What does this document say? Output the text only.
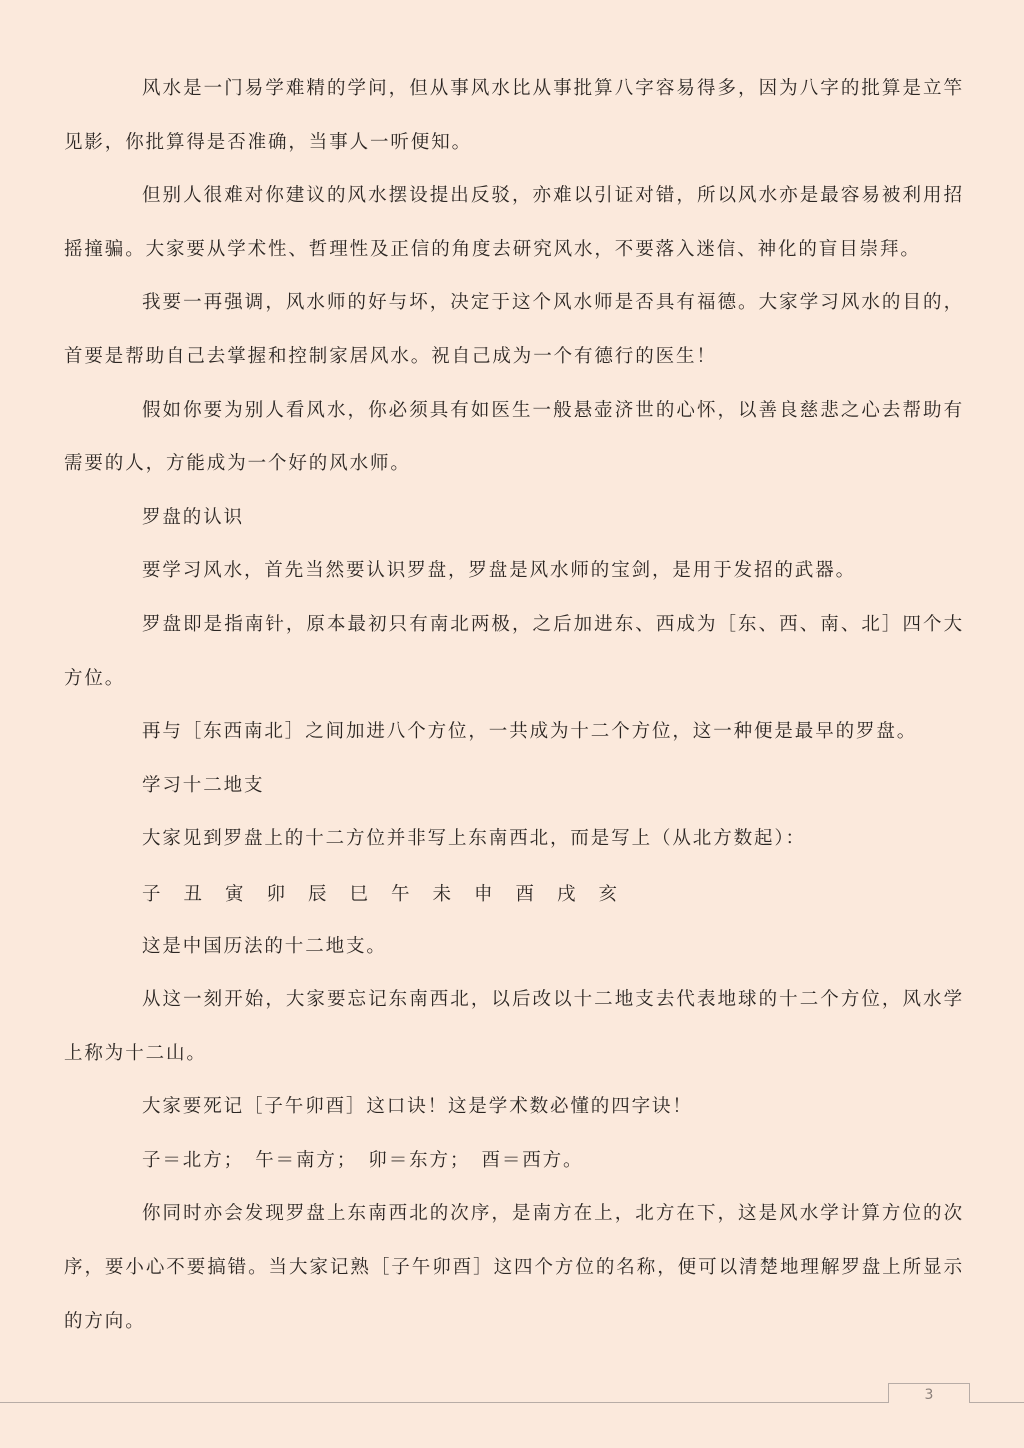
风水是一门易学难精的学问，但从事风水比从事批算八字容易得多，因为八字的批算是立竿见影，你批算得是否准确，当事人一听便知。

但别人很难对你建议的风水摆设提出反驳，亦难以引证对错，所以风水亦是最容易被利用招摇撞骗。大家要从学术性、哲理性及正信的角度去研究风水，不要落入迷信、神化的盲目崇拜。

我要一再强调，风水师的好与坏，决定于这个风水师是否具有福德。大家学习风水的目的，首要是帮助自己去掌握和控制家居风水。祝自己成为一个有德行的医生！

假如你要为别人看风水，你必须具有如医生一般悬壶济世的心怀，以善良慈悲之心去帮助有需要的人，方能成为一个好的风水师。

罗盘的认识

要学习风水，首先当然要认识罗盘，罗盘是风水师的宝剑，是用于发招的武器。

罗盘即是指南针，原本最初只有南北两极，之后加进东、西成为［东、西、南、北］四个大方位。

再与［东西南北］之间加进八个方位，一共成为十二个方位，这一种便是最早的罗盘。

学习十二地支

大家见到罗盘上的十二方位并非写上东南西北，而是写上（从北方数起）：

子	丑	寅	卯	辰	巳	午	未	申	酉	戌	亥

这是中国历法的十二地支。

从这一刻开始，大家要忘记东南西北，以后改以十二地支去代表地球的十二个方位，风水学上称为十二山。

大家要死记［子午卯酉］这口诀！这是学术数必懂的四字诀！

子＝北方；　午＝南方；　卯＝东方；　酉＝西方。

你同时亦会发现罗盘上东南西北的次序，是南方在上，北方在下，这是风水学计算方位的次序，要小心不要搞错。当大家记熟［子午卯酉］这四个方位的名称，便可以清楚地理解罗盘上所显示的方向。

3
